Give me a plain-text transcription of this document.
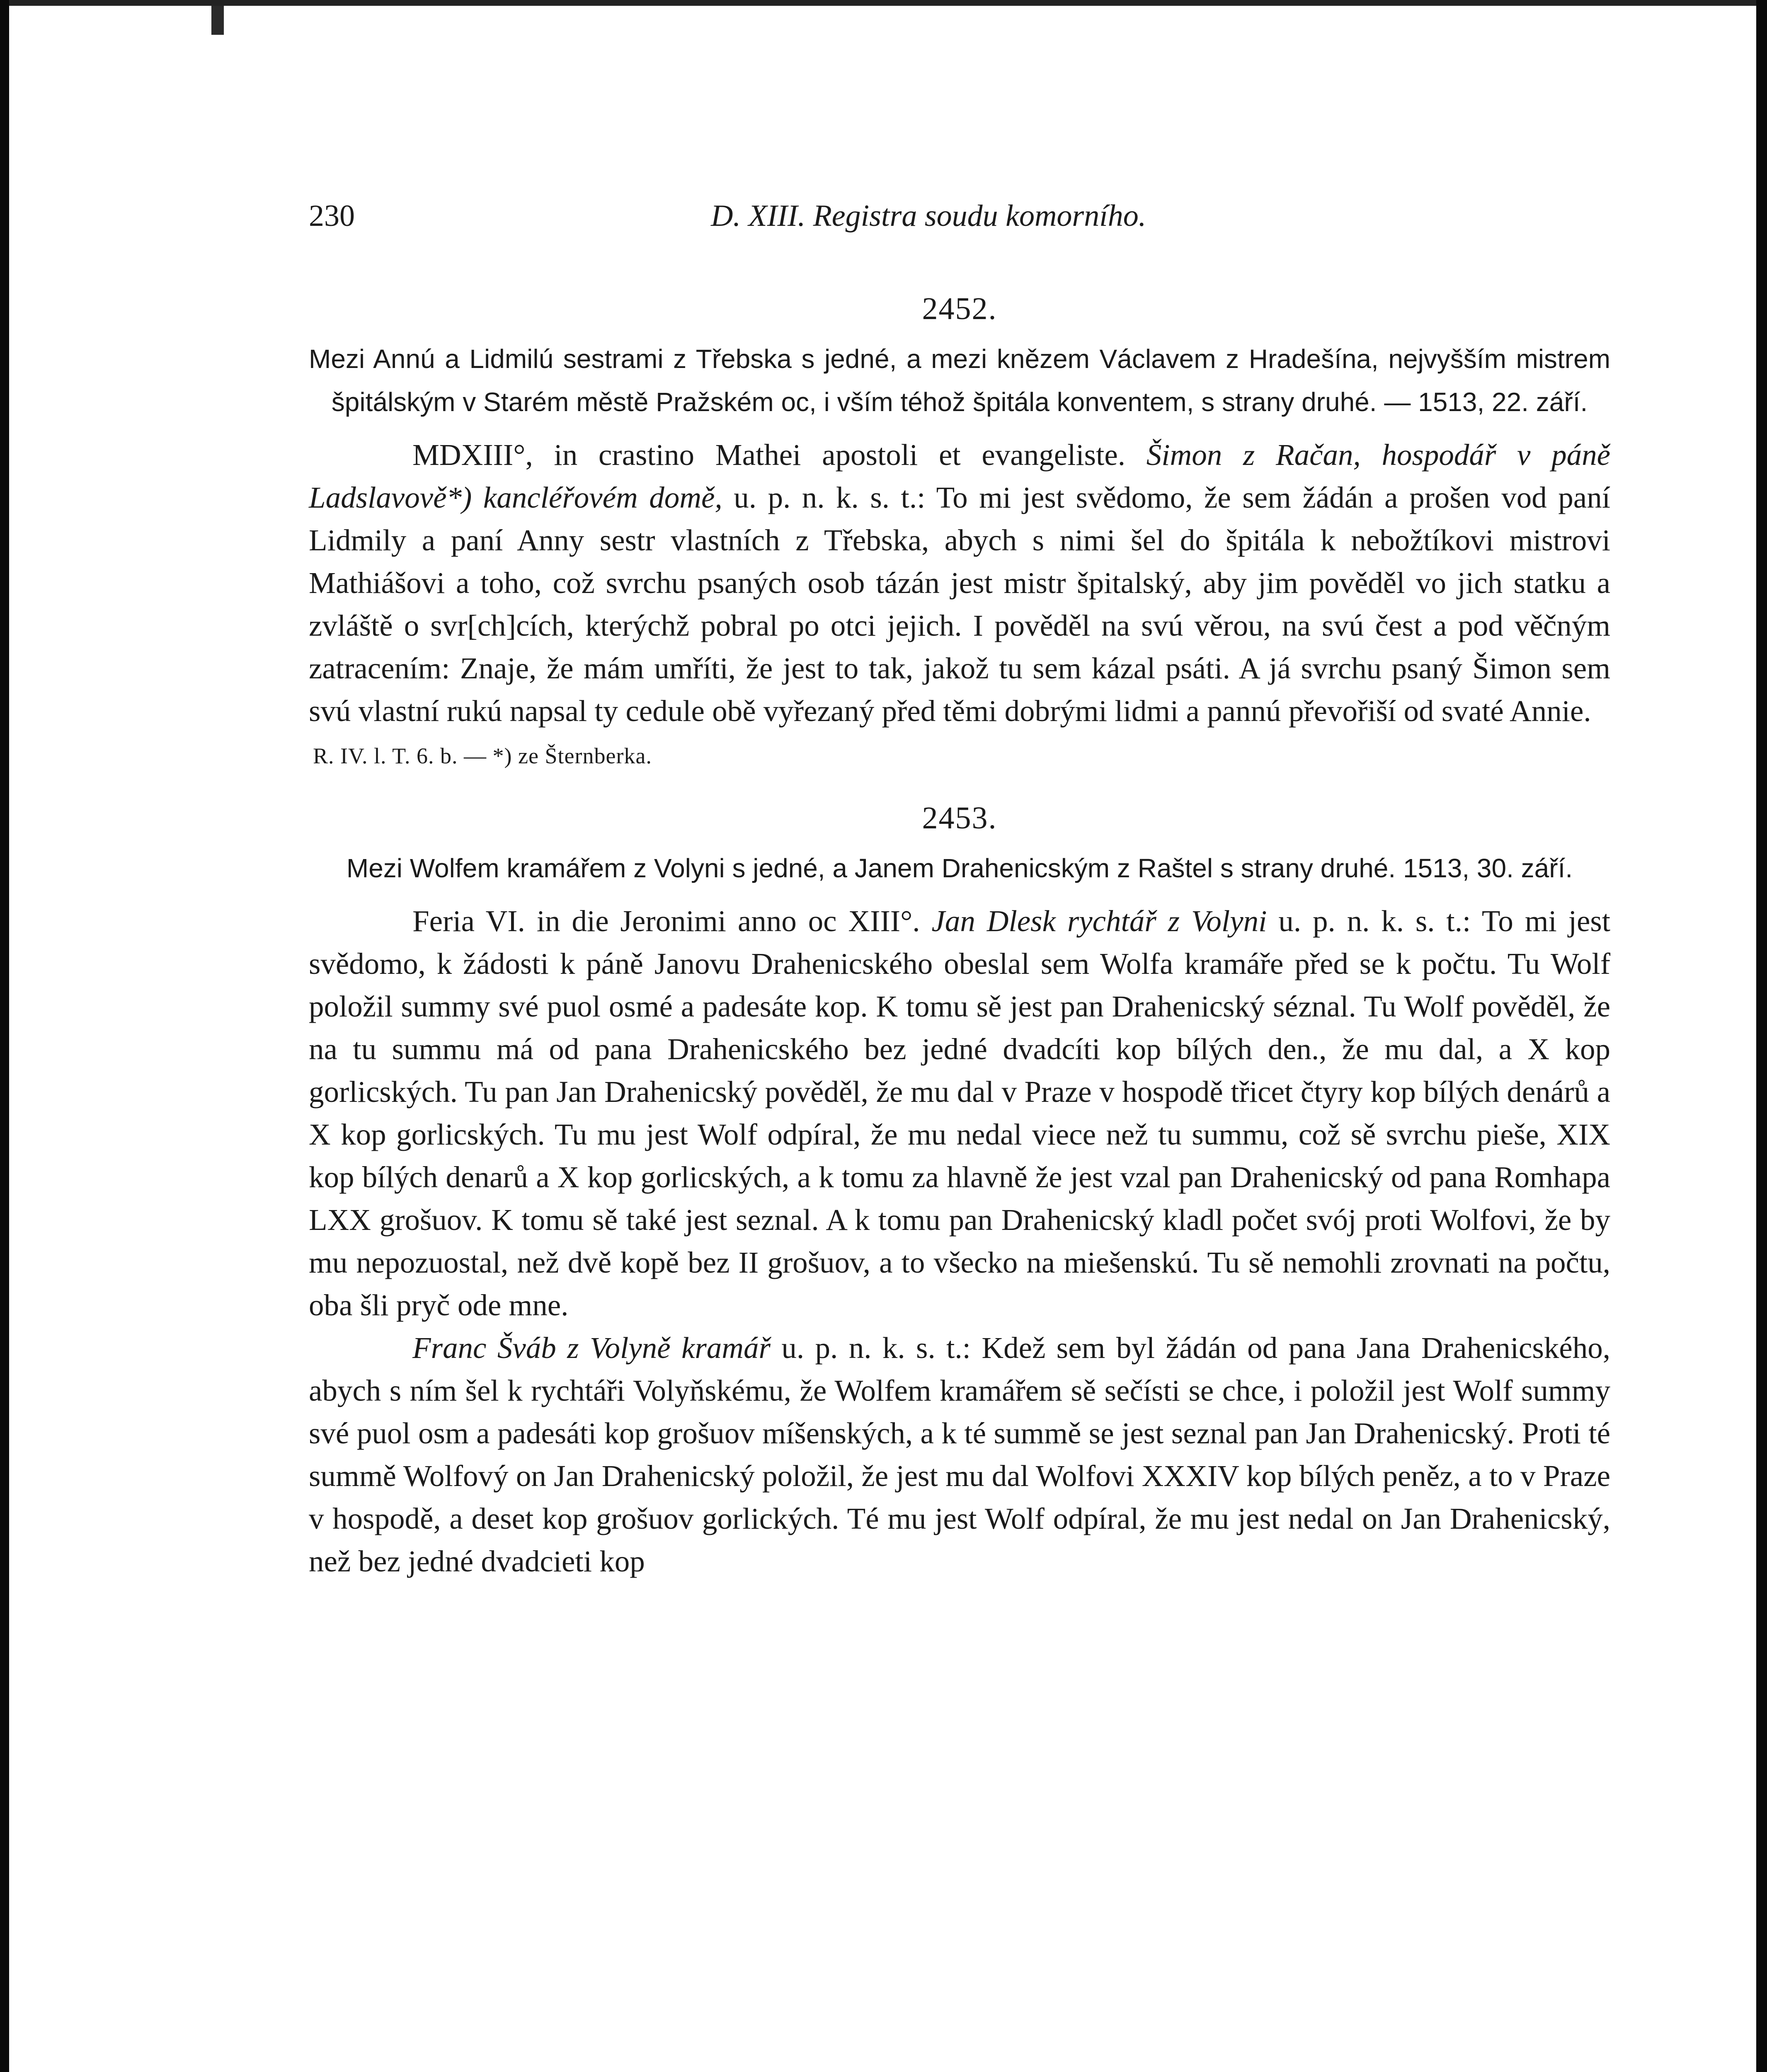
230	D. XIII. Registra soudu komorního.
2452.

Mezi Annú a Lidmilú sestrami z Třebska s jedné, a mezi knězem Václavem z Hradešína, nejvyšším mistrem špitálským v Starém městě Pražském oc, i vším téhož špitála konventem, s strany druhé. — 1513, 22. září.

MDXIII°, in crastino Mathei apostoli et evangeliste. Šimon z Račan, hospodář v páně Ladslavově*) kancléřovém domě, u. p. n. k. s. t.: To mi jest svědomo, že sem žádán a prošen vod paní Lidmily a paní Anny sestr vlastních z Třebska, abych s nimi šel do špitála k nebožtíkovi mistrovi Mathiášovi a toho, což svrchu psaných osob tázán jest mistr špitalský, aby jim pověděl vo jich statku a zvláště o svr[ch]cích, kterýchž pobral po otci jejich. I pověděl na svú věrou, na svú čest a pod věčným zatracením: Znaje, že mám umříti, že jest to tak, jakož tu sem kázal psáti. A já svrchu psaný Šimon sem svú vlastní rukú napsal ty cedule obě vyřezaný před těmi dobrými lidmi a pannú převořiší od svaté Annie.

R. IV. l. T. 6. b. — *) ze Šternberka.

2453.

Mezi Wolfem kramářem z Volyni s jedné, a Janem Drahenicským z Raštel s strany druhé. 1513, 30. září.

Feria VI. in die Jeronimi anno oc XIII°. Jan Dlesk rychtář z Volyni u. p. n. k. s. t.: To mi jest svědomo, k žádosti k páně Janovu Drahenicského obeslal sem Wolfa kramáře před se k počtu. Tu Wolf položil summy své puol osmé a padesáte kop. K tomu sě jest pan Drahenicský séznal. Tu Wolf pověděl, že na tu summu má od pana Drahenicského bez jedné dvadcíti kop bílých den., že mu dal, a X kop gorlicských. Tu pan Jan Drahenicský pověděl, že mu dal v Praze v hospodě třicet čtyry kop bílých denárů a X kop gorlicských. Tu mu jest Wolf odpíral, že mu nedal viece než tu summu, což sě svrchu pieše, XIX kop bílých denarů a X kop gorlicských, a k tomu za hlavně že jest vzal pan Drahenicský od pana Romhapa LXX grošuov. K tomu sě také jest seznal. A k tomu pan Drahenicský kladl počet svój proti Wolfovi, že by mu nepozuostal, než dvě kopě bez II grošuov, a to všecko na miešenskú. Tu sě nemohli zrovnati na počtu, oba šli pryč ode mne.

Franc Šváb z Volyně kramář u. p. n. k. s. t.: Kdež sem byl žádán od pana Jana Drahenicského, abych s ním šel k rychtáři Volyňskému, že Wolfem kramářem sě sečísti se chce, i položil jest Wolf summy své puol osm a padesáti kop grošuov míšenských, a k té summě se jest seznal pan Jan Drahenicský. Proti té summě Wolfový on Jan Drahenicský položil, že jest mu dal Wolfovi XXXIV kop bílých peněz, a to v Praze v hospodě, a deset kop grošuov gorlických. Té mu jest Wolf odpíral, že mu jest nedal on Jan Drahenicský, než bez jedné dvadcieti kop
